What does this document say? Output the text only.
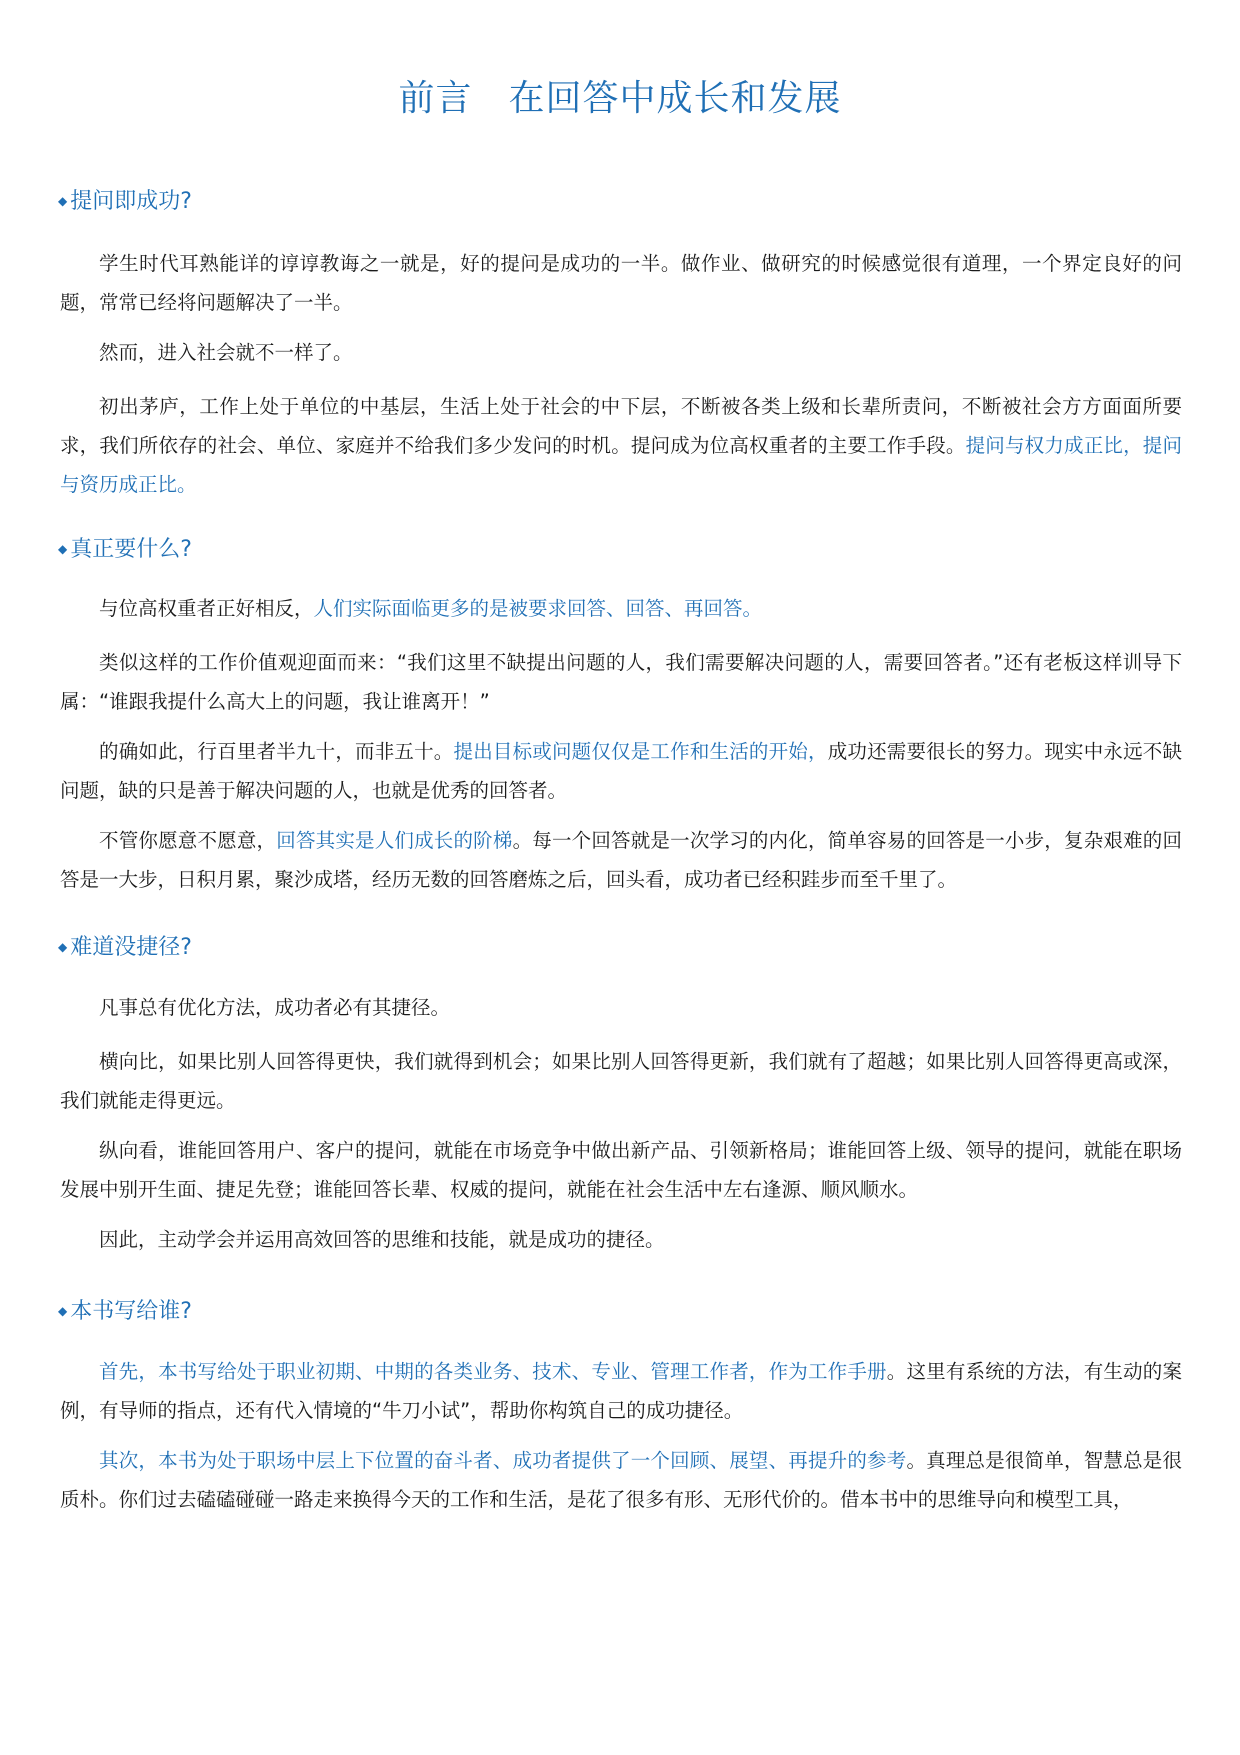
前言 在回答中成长和发展
◆ 提问即成功?
学生时代耳熟能详的谆谆教诲之一就是，好的提问是成功的一半。做作业、做研究的时候感觉很有道理，一个界定良好的问题，常常已经将问题解决了一半。
然而，进入社会就不一样了。
初出茅庐，工作上处于单位的中基层，生活上处于社会的中下层，不断被各类上级和长辈所责问，不断被社会方方面面所要求，我们所依存的社会、单位、家庭并不给我们多少发问的时机。提问成为位高权重者的主要工作手段。提问与权力成正比，提问与资历成正比。
◆ 真正要什么?
与位高权重者正好相反，人们实际面临更多的是被要求回答、回答、再回答。
类似这样的工作价值观迎面而来：“我们这里不缺提出问题的人，我们需要解决问题的人，需要回答者。”还有老板这样训导下属：“谁跟我提什么高大上的问题，我让谁离开！”
的确如此，行百里者半九十，而非五十。提出目标或问题仅仅是工作和生活的开始，成功还需要很长的努力。现实中永远不缺问题，缺的只是善于解决问题的人，也就是优秀的回答者。
不管你愿意不愿意，回答其实是人们成长的阶梯。每一个回答就是一次学习的内化，简单容易的回答是一小步，复杂艰难的回答是一大步，日积月累，聚沙成塔，经历无数的回答磨炼之后，回头看，成功者已经积跬步而至千里了。
◆ 难道没捷径?
凡事总有优化方法，成功者必有其捷径。
横向比，如果比别人回答得更快，我们就得到机会；如果比别人回答得更新，我们就有了超越；如果比别人回答得更高或深，我们就能走得更远。
纵向看，谁能回答用户、客户的提问，就能在市场竞争中做出新产品、引领新格局；谁能回答上级、领导的提问，就能在职场发展中别开生面、捷足先登；谁能回答长辈、权威的提问，就能在社会生活中左右逢源、顺风顺水。
因此，主动学会并运用高效回答的思维和技能，就是成功的捷径。
◆ 本书写给谁?
首先，本书写给处于职业初期、中期的各类业务、技术、专业、管理工作者，作为工作手册。这里有系统的方法，有生动的案例，有导师的指点，还有代入情境的“牛刀小试”，帮助你构筑自己的成功捷径。
其次，本书为处于职场中层上下位置的奋斗者、成功者提供了一个回顾、展望、再提升的参考。真理总是很简单，智慧总是很质朴。你们过去磕磕碰碰一路走来换得今天的工作和生活，是花了很多有形、无形代价的。借本书中的思维导向和模型工具，
